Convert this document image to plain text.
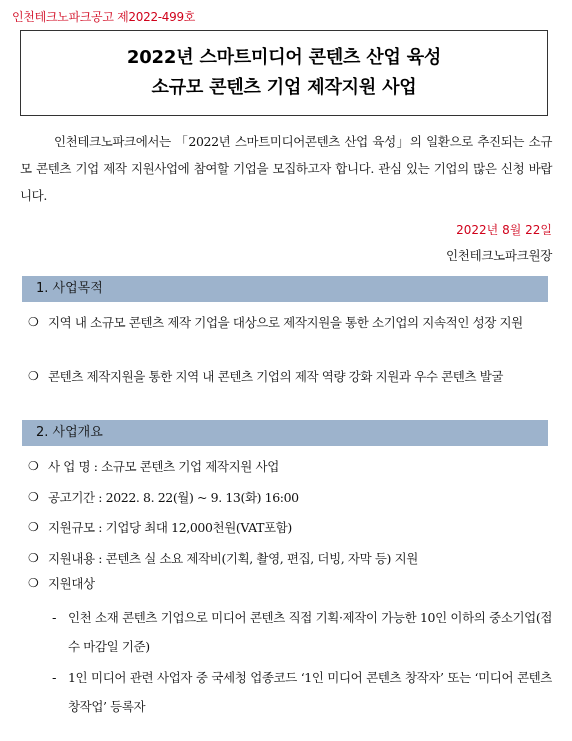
인천테크노파크공고 제2022-499호
2022년 스마트미디어 콘텐츠 산업 육성
소규모 콘텐츠 기업 제작지원 사업
인천테크노파크에서는 「2022년 스마트미디어콘텐츠 산업 육성」의 일환으로 추진되는 소규모 콘텐츠 기업 제작 지원사업에 참여할 기업을 모집하고자 합니다. 관심 있는 기업의 많은 신청 바랍니다.
2022년 8월 22일
인천테크노파크원장
1. 사업목적
❍ 지역 내 소규모 콘텐츠 제작 기업을 대상으로 제작지원을 통한 소기업의 지속적인 성장 지원
❍ 콘텐츠 제작지원을 통한 지역 내 콘텐츠 기업의 제작 역량 강화 지원과 우수 콘텐츠 발굴
2. 사업개요
❍ 사 업 명 : 소규모 콘텐츠 기업 제작지원 사업
❍ 공고기간 : 2022. 8. 22(월) ~ 9. 13(화) 16:00
❍ 지원규모 : 기업당 최대 12,000천원(VAT포함)
❍ 지원내용 : 콘텐츠 실 소요 제작비(기획, 촬영, 편집, 더빙, 자막 등) 지원
❍ 지원대상
- 인천 소재 콘텐츠 기업으로 미디어 콘텐츠 직접 기획·제작이 가능한 10인 이하의 중소기업(접수 마감일 기준)
- 1인 미디어 관련 사업자 중 국세청 업종코드 ‘1인 미디어 콘텐츠 창작자’ 또는 ‘미디어 콘텐츠 창작업’ 등록자
